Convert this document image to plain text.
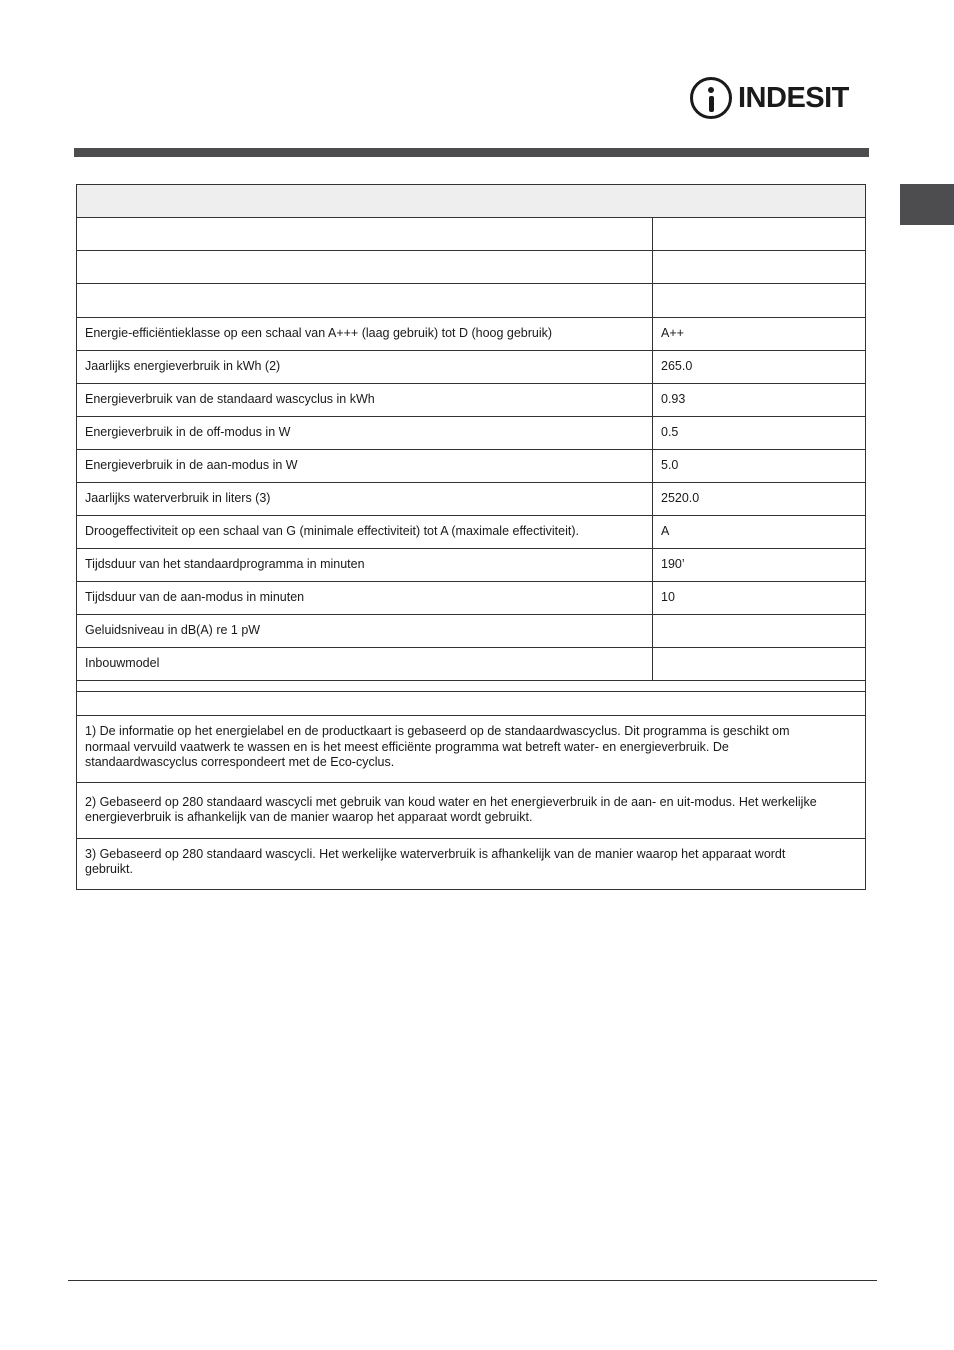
INDESIT

Energie-efficiëntieklasse op een schaal van A+++ (laag gebruik) tot D (hoog gebruik)	A++
Jaarlijks energieverbruik in kWh (2)	265.0
Energieverbruik van de standaard wascyclus in kWh	0.93
Energieverbruik in de off-modus in W	0.5
Energieverbruik in de aan-modus in W	5.0
Jaarlijks waterverbruik in liters (3)	2520.0
Droogeffectiviteit op een schaal van G (minimale effectiviteit) tot A (maximale effectiviteit).	A
Tijdsduur van het standaardprogramma in minuten	190’
Tijdsduur van de aan-modus in minuten	10
Geluidsniveau in dB(A) re 1 pW	
Inbouwmodel	

1) De informatie op het energielabel en de productkaart is gebaseerd op de standaardwascyclus. Dit programma is geschikt om normaal vervuild vaatwerk te wassen en is het meest efficiënte programma wat betreft water- en energieverbruik. De standaardwascyclus correspondeert met de Eco-cyclus.	
2) Gebaseerd op 280 standaard wascycli met gebruik van koud water en het energieverbruik in de aan- en uit-modus. Het werkelijke energieverbruik is afhankelijk van de manier waarop het apparaat wordt gebruikt.	
3) Gebaseerd op 280 standaard wascycli. Het werkelijke waterverbruik is afhankelijk van de manier waarop het apparaat wordt gebruikt.	
